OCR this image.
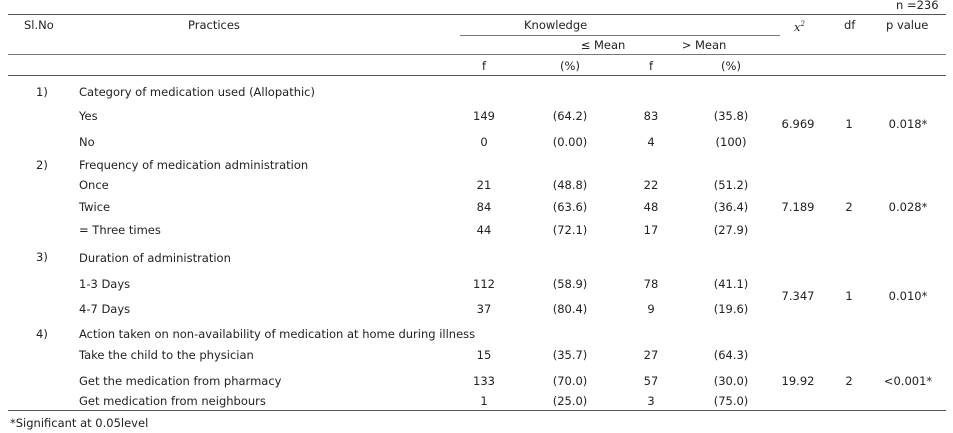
n =236
Sl.No	Practices	Knowledge	$x^2$	df	p value
≤ Mean	> Mean
f	(%)	f	(%)
1)	Category of medication used (Allopathic)
Yes	149	(64.2)	83	(35.8)
No	0	(0.00)	4	(100)
6.969	1	0.018*
2)	Frequency of medication administration
Once	21	(48.8)	22	(51.2)
Twice	84	(63.6)	48	(36.4)
= Three times	44	(72.1)	17	(27.9)
7.189	2	0.028*
3)	Duration of administration
1-3 Days	112	(58.9)	78	(41.1)
4-7 Days	37	(80.4)	9	(19.6)
7.347	1	0.010*
4)	Action taken on non-availability of medication at home during illness
Take the child to the physician	15	(35.7)	27	(64.3)
Get the medication from pharmacy	133	(70.0)	57	(30.0)
Get medication from neighbours	1	(25.0)	3	(75.0)
19.92	2	<0.001*
*Significant at 0.05level
